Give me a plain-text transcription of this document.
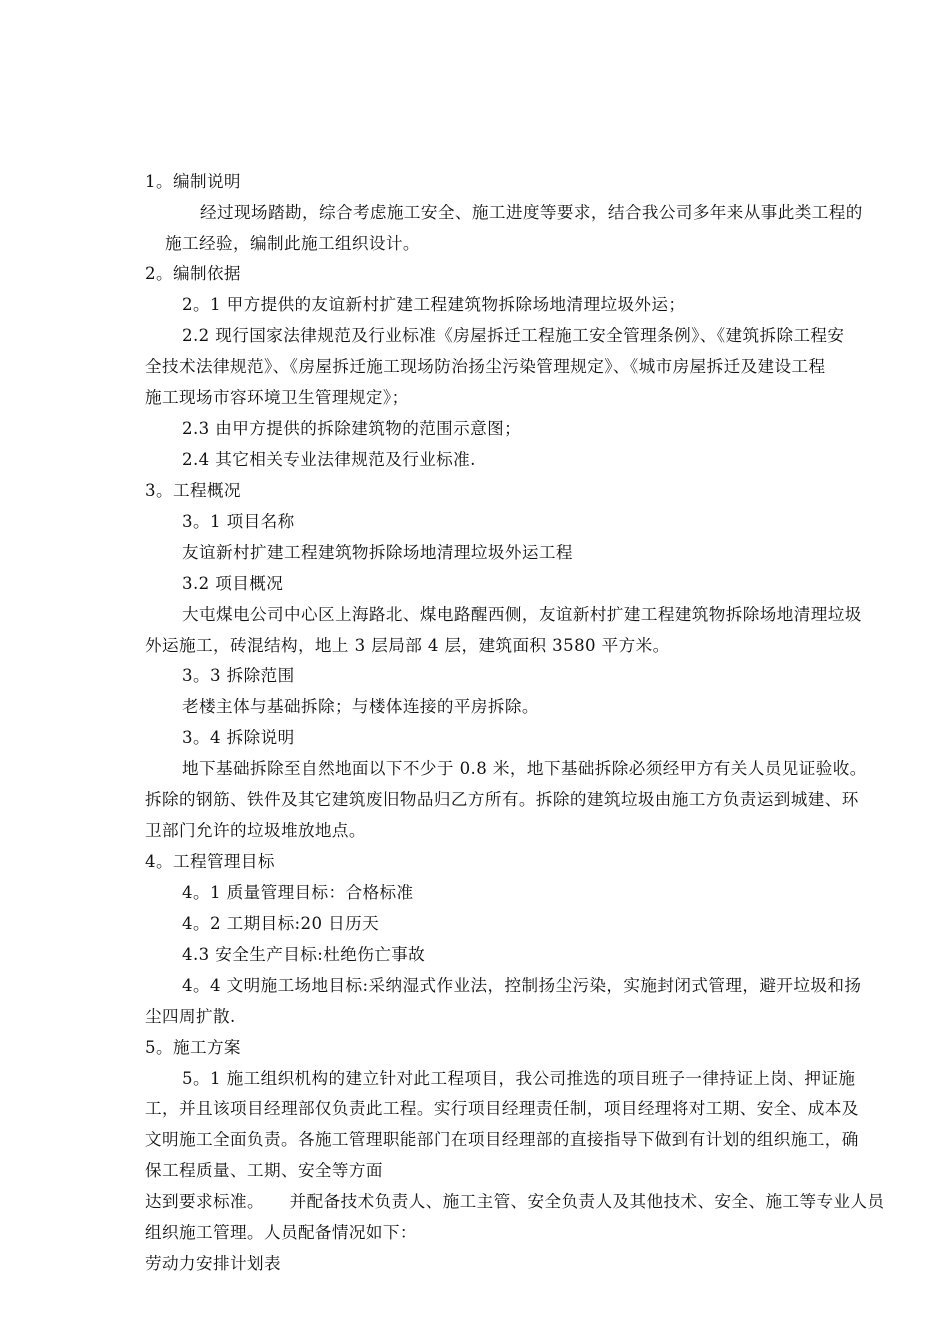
1。编制说明
经过现场踏勘，综合考虑施工安全、施工进度等要求，结合我公司多年来从事此类工程的
施工经验，编制此施工组织设计。
2。编制依据
2。1 甲方提供的友谊新村扩建工程建筑物拆除场地清理垃圾外运；
2.2 现行国家法律规范及行业标准《房屋拆迁工程施工安全管理条例》、《建筑拆除工程安
全技术法律规范》、《房屋拆迁施工现场防治扬尘污染管理规定》、《城市房屋拆迁及建设工程
施工现场市容环境卫生管理规定》；
2.3 由甲方提供的拆除建筑物的范围示意图；
2.4 其它相关专业法律规范及行业标准.
3。工程概况
3。1 项目名称
友谊新村扩建工程建筑物拆除场地清理垃圾外运工程
3.2 项目概况
大屯煤电公司中心区上海路北、煤电路醒西侧，友谊新村扩建工程建筑物拆除场地清理垃圾
外运施工，砖混结构，地上 3 层局部 4 层，建筑面积 3580 平方米。
3。3 拆除范围
老楼主体与基础拆除；与楼体连接的平房拆除。
3。4 拆除说明
地下基础拆除至自然地面以下不少于 0.8 米，地下基础拆除必须经甲方有关人员见证验收。
拆除的钢筋、铁件及其它建筑废旧物品归乙方所有。拆除的建筑垃圾由施工方负责运到城建、环
卫部门允许的垃圾堆放地点。
4。工程管理目标
4。1 质量管理目标：合格标准
4。2 工期目标:20 日历天
4.3 安全生产目标:杜绝伤亡事故
4。4 文明施工场地目标:采纳湿式作业法，控制扬尘污染，实施封闭式管理，避开垃圾和扬
尘四周扩散.
5。施工方案
5。1 施工组织机构的建立针对此工程项目，我公司推选的项目班子一律持证上岗、押证施
工，并且该项目经理部仅负责此工程。实行项目经理责任制，项目经理将对工期、安全、成本及
文明施工全面负责。各施工管理职能部门在项目经理部的直接指导下做到有计划的组织施工，确
保工程质量、工期、安全等方面
达到要求标准。　　并配备技术负责人、施工主管、安全负责人及其他技术、安全、施工等专业人员
组织施工管理。人员配备情况如下：
劳动力安排计划表
